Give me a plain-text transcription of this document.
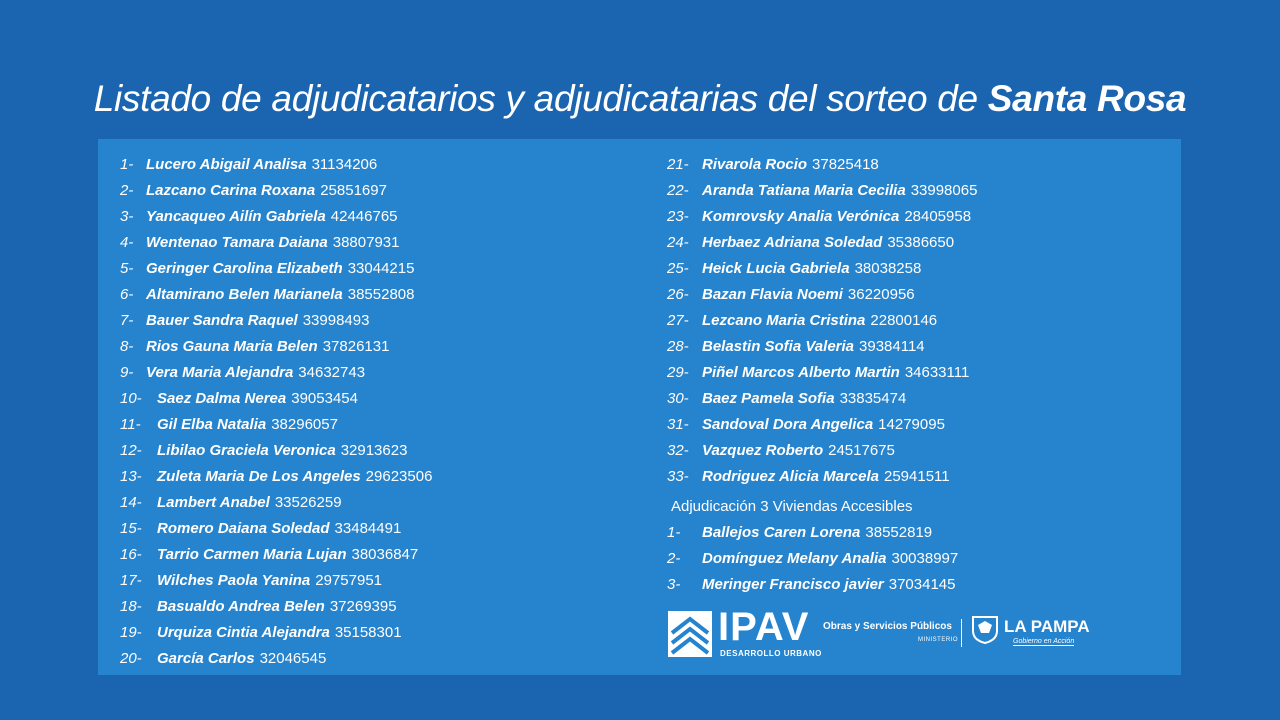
Listado de adjudicatarios y adjudicatarias del sorteo de Santa Rosa
1- Lucero Abigail Analisa 31134206
2- Lazcano Carina Roxana 25851697
3- Yancaqueo Ailín Gabriela 42446765
4- Wentenao Tamara Daiana 38807931
5- Geringer Carolina Elizabeth 33044215
6- Altamirano Belen Marianela 38552808
7- Bauer Sandra Raquel 33998493
8- Rios Gauna Maria Belen 37826131
9- Vera Maria Alejandra 34632743
10-	Saez Dalma Nerea 39053454
11-	Gil Elba Natalia 38296057
12-	Libilao Graciela Veronica 32913623
13-	Zuleta Maria De Los Angeles 29623506
14-	Lambert Anabel 33526259
15-	Romero Daiana Soledad 33484491
16-	Tarrio Carmen Maria Lujan 38036847
17-	Wilches Paola Yanina 29757951
18-	Basualdo Andrea Belen 37269395
19-	Urquiza Cintia Alejandra 35158301
20-	García Carlos 32046545
21- Rivarola Rocio 37825418
22- Aranda Tatiana Maria Cecilia 33998065
23- Komrovsky Analia Verónica 28405958
24- Herbaez Adriana Soledad 35386650
25- Heick Lucia Gabriela 38038258
26- Bazan Flavia Noemi 36220956
27- Lezcano Maria Cristina 22800146
28- Belastin Sofia Valeria 39384114
29- Piñel Marcos Alberto Martin 34633111
30- Baez Pamela Sofia 33835474
31- Sandoval Dora Angelica 14279095
32- Vazquez Roberto 24517675
33- Rodriguez Alicia Marcela 25941511
Adjudicación 3 Viviendas Accesibles
1-	Ballejos Caren Lorena 38552819
2-	Domínguez Melany Analia 30038997
3-	Meringer Francisco javier 37034145
IPAV
DESARROLLO URBANO
Obras y Servicios Públicos
MINISTERIO
LA PAMPA
Gobierno en Acción
